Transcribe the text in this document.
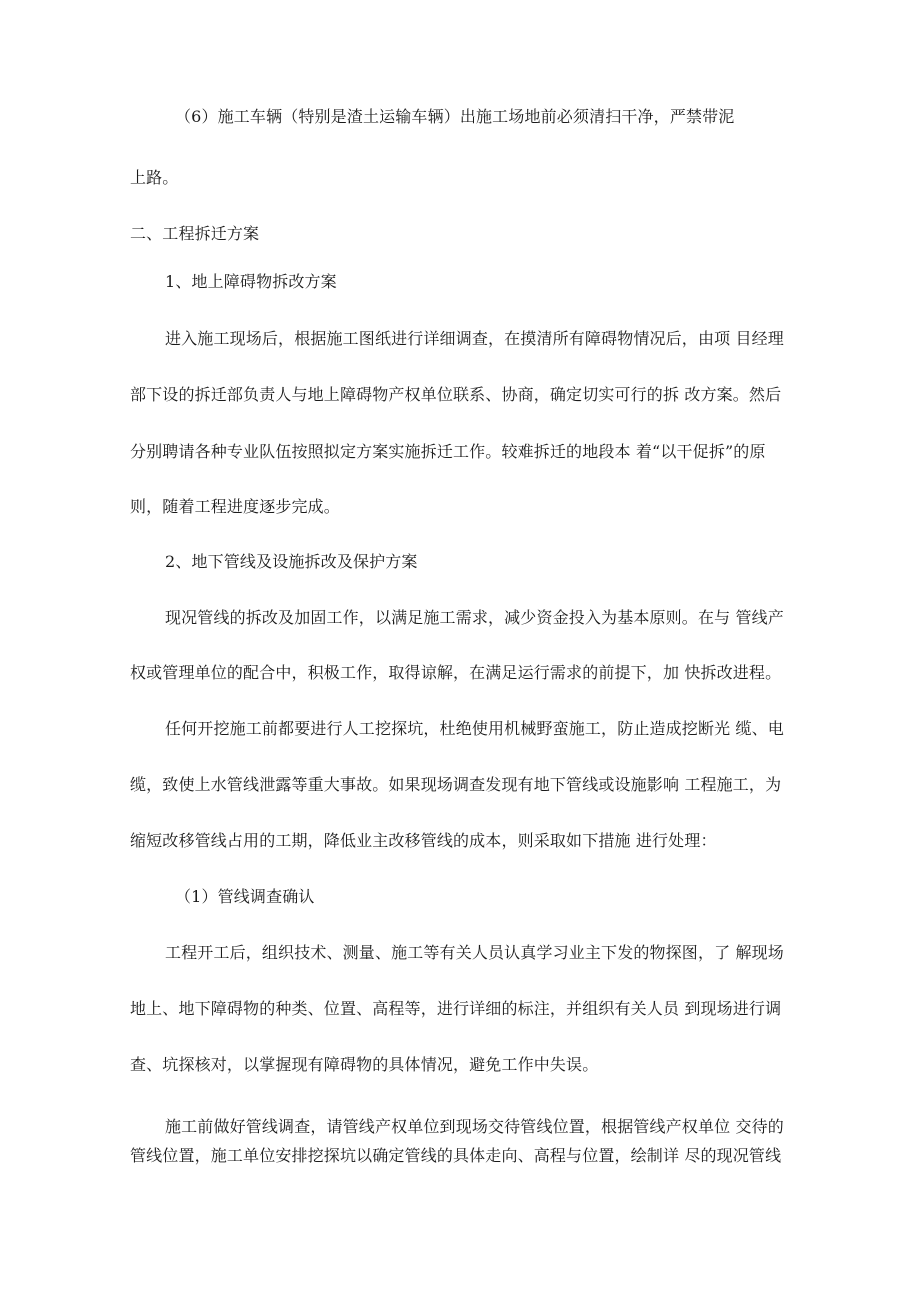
（6）施工车辆（特别是渣土运输车辆）出施工场地前必须清扫干净，严禁带泥
上路。
二、工程拆迁方案
1、地上障碍物拆改方案
进入施工现场后，根据施工图纸进行详细调查，在摸清所有障碍物情况后，由项 目经理
部下设的拆迁部负责人与地上障碍物产权单位联系、协商，确定切实可行的拆 改方案。然后
分别聘请各种专业队伍按照拟定方案实施拆迁工作。较难拆迁的地段本 着“以干促拆”的原
则，随着工程进度逐步完成。
2、地下管线及设施拆改及保护方案
现况管线的拆改及加固工作，以满足施工需求，减少资金投入为基本原则。在与 管线产
权或管理单位的配合中，积极工作，取得谅解，在满足运行需求的前提下，加 快拆改进程。
任何开挖施工前都要进行人工挖探坑，杜绝使用机械野蛮施工，防止造成挖断光 缆、电
缆，致使上水管线泄露等重大事故。如果现场调查发现有地下管线或设施影响 工程施工，为
缩短改移管线占用的工期，降低业主改移管线的成本，则采取如下措施 进行处理：
（1）管线调查确认
工程开工后，组织技术、测量、施工等有关人员认真学习业主下发的物探图，了 解现场
地上、地下障碍物的种类、位置、高程等，进行详细的标注，并组织有关人员 到现场进行调
查、坑探核对，以掌握现有障碍物的具体情况，避免工作中失误。
施工前做好管线调查，请管线产权单位到现场交待管线位置，根据管线产权单位 交待的
管线位置，施工单位安排挖探坑以确定管线的具体走向、高程与位置，绘制详 尽的现况管线
